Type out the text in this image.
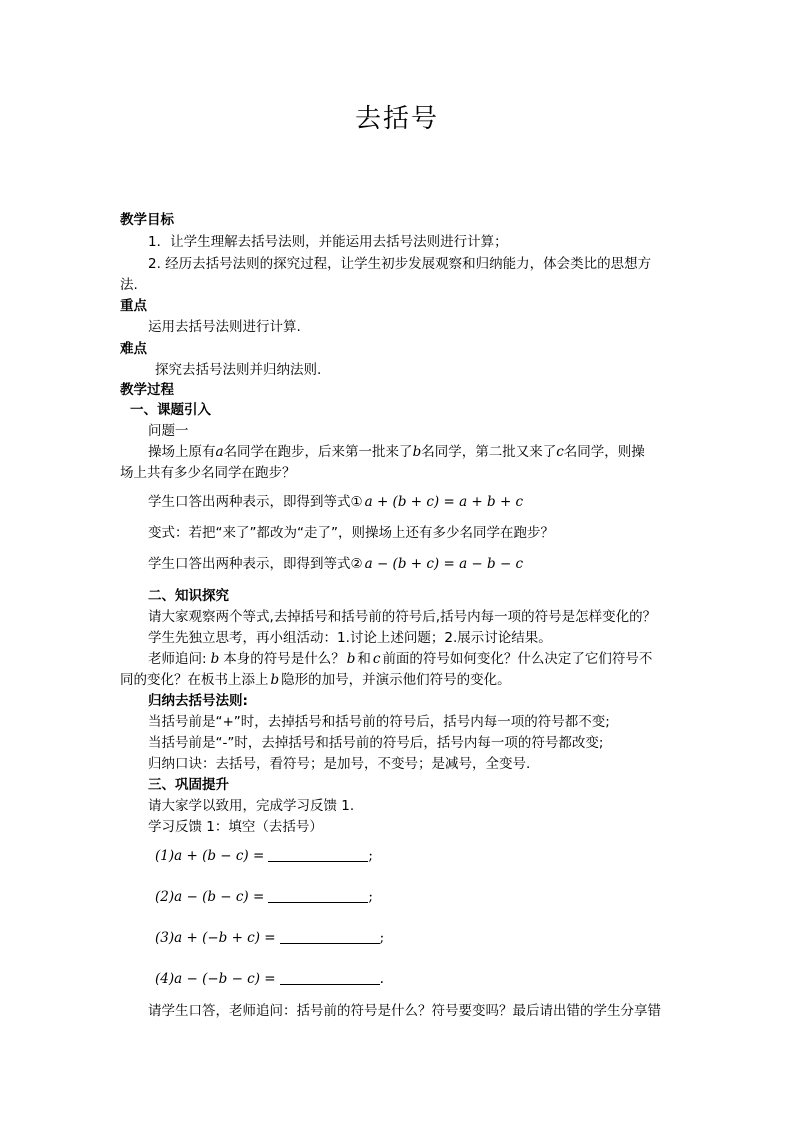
去括号
教学目标
1．让学生理解去括号法则，并能运用去括号法则进行计算；
2. 经历去括号法则的探究过程，让学生初步发展观察和归纳能力，体会类比的思想方
法.
重点
运用去括号法则进行计算.
难点
探究去括号法则并归纳法则.
教学过程
一、课题引入
问题一
操场上原有a名同学在跑步，后来第一批来了b名同学，第二批又来了c名同学，则操
场上共有多少名同学在跑步？
学生口答出两种表示，即得到等式① a + (b + c) = a + b + c
变式：若把“来了”都改为“走了”，则操场上还有多少名同学在跑步？
学生口答出两种表示，即得到等式② a − (b + c) = a − b − c
二、知识探究
请大家观察两个等式,去掉括号和括号前的符号后,括号内每一项的符号是怎样变化的？
学生先独立思考，再小组活动：1.讨论上述问题；2.展示讨论结果。
老师追问: b 本身的符号是什么？ b 和 c 前面的符号如何变化？什么决定了它们符号不
同的变化？在板书上添上 b 隐形的加号，并演示他们符号的变化。
归纳去括号法则:
当括号前是“+”时，去掉括号和括号前的符号后，括号内每一项的符号都不变;
当括号前是“-”时，去掉括号和括号前的符号后，括号内每一项的符号都改变;
归纳口诀：去括号，看符号；是加号，不变号；是减号，全变号.
三、巩固提升
请大家学以致用，完成学习反馈 1.
学习反馈 1：填空（去括号）
(1)a + (b − c) =	;
(2)a − (b − c) =	;
(3)a + (−b + c) =	;
(4)a − (−b − c) =	.
请学生口答，老师追问：括号前的符号是什么？符号要变吗？最后请出错的学生分享错
